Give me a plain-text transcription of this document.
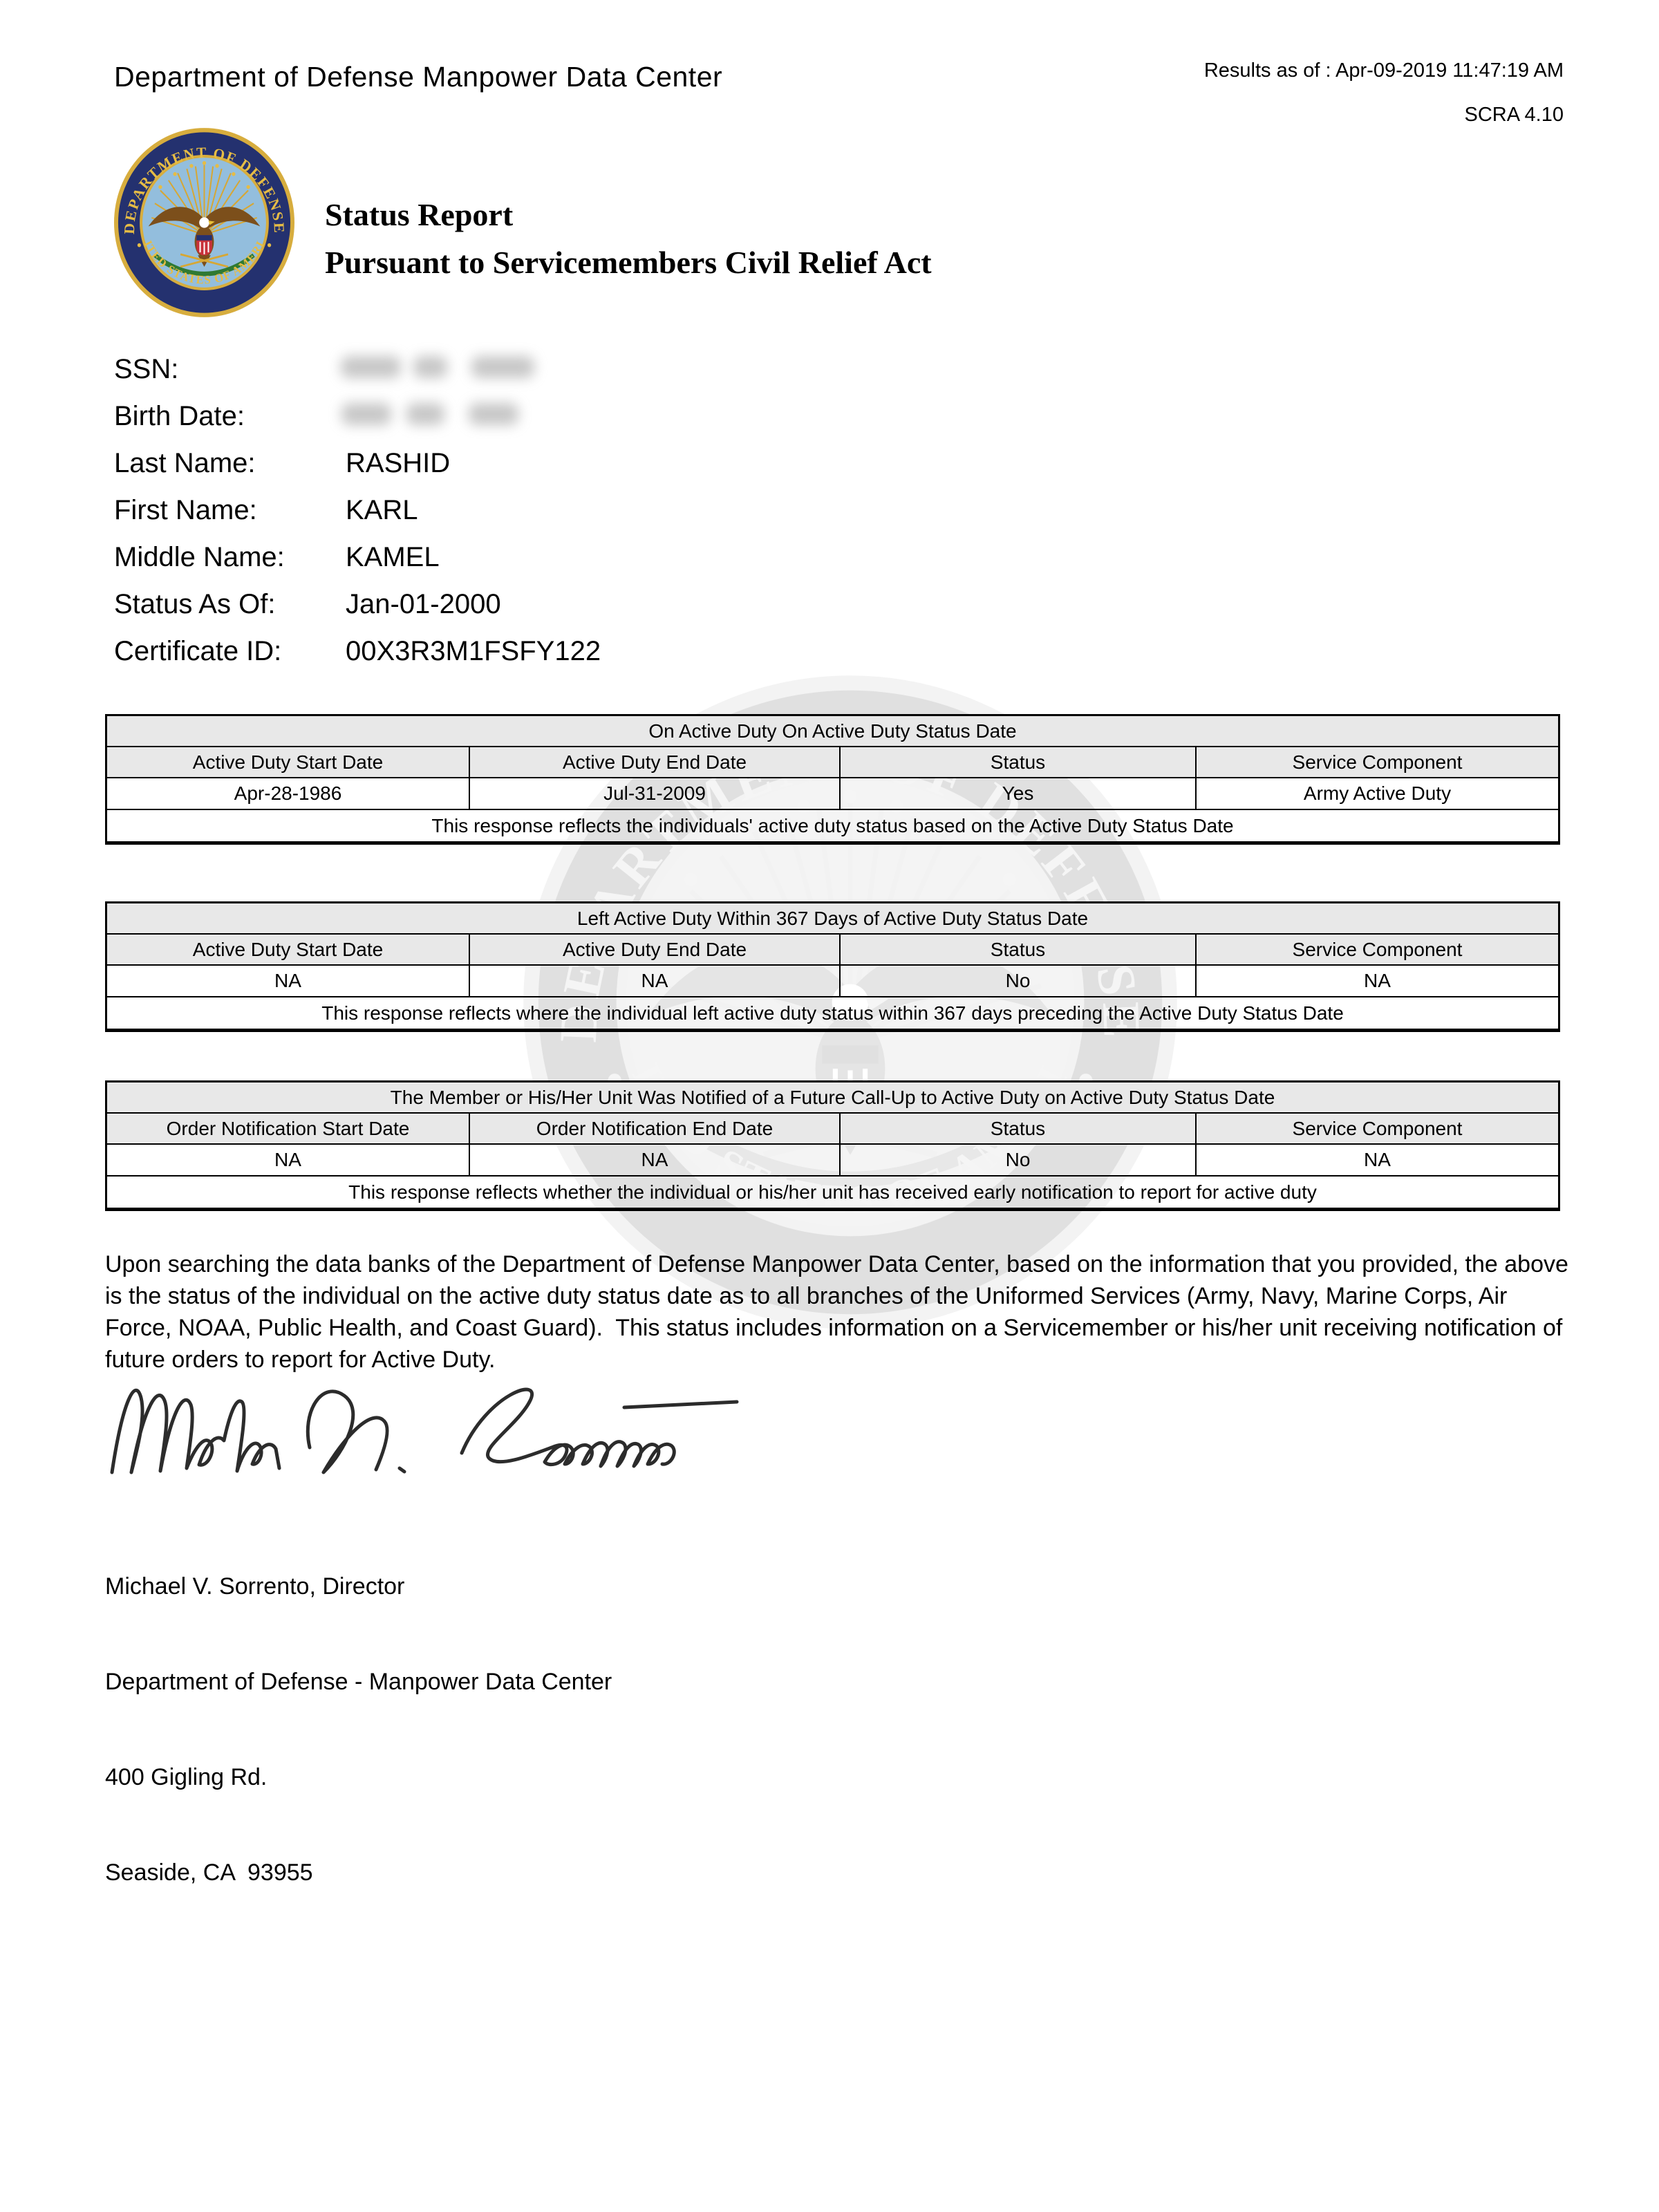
Department of Defense Manpower Data Center	Results as of : Apr-09-2019 11:47:19 AM
SCRA 4.10
Status Report
Pursuant to Servicemembers Civil Relief Act

SSN:

Birth Date:

Last Name:

	RASHID

First Name:

	KARL

Middle Name:

KAMEL

Status As Of:

	Jan-01-2000

Certificate ID:

00X3R3M1FSFY122

On Active Duty On Active Duty Status Date			
Active Duty Start Date	Active Duty End Date	Status	Service Component
Apr-28-1986	Jul-31-2009	Yes	Army Active Duty
This response reflects the individuals' active duty status based on the Active Duty Status Date			
Left Active Duty Within 367 Days of Active Duty Status Date			
Active Duty Start Date	Active Duty End Date	Status	Service Component
NA	NA	No	NA
This response reflects where the individual left active duty status within 367 days preceding the Active Duty Status Date			
The Member or His/Her Unit Was Notified of a Future Call-Up to Active Duty on Active Duty Status Date			
Order Notification Start Date	Order Notification End Date	Status	Service Component
NA	NA	No	NA
This response reflects whether the individual or his/her unit has received early notification to report for active duty			
Upon searching the data banks of the Department of Defense Manpower Data Center, based on the information that you provided, the above is the status of the individual on the active duty status date as to all branches of the Uniformed Services (Army, Navy, Marine Corps, Air Force, NOAA, Public Health, and Coast Guard).  This status includes information on a Servicemember or his/her unit receiving notification of future orders to report for Active Duty.

Michael V. Sorrento, Director

Department of Defense - Manpower Data Center

400 Gigling Rd.

Seaside, CA  93955
